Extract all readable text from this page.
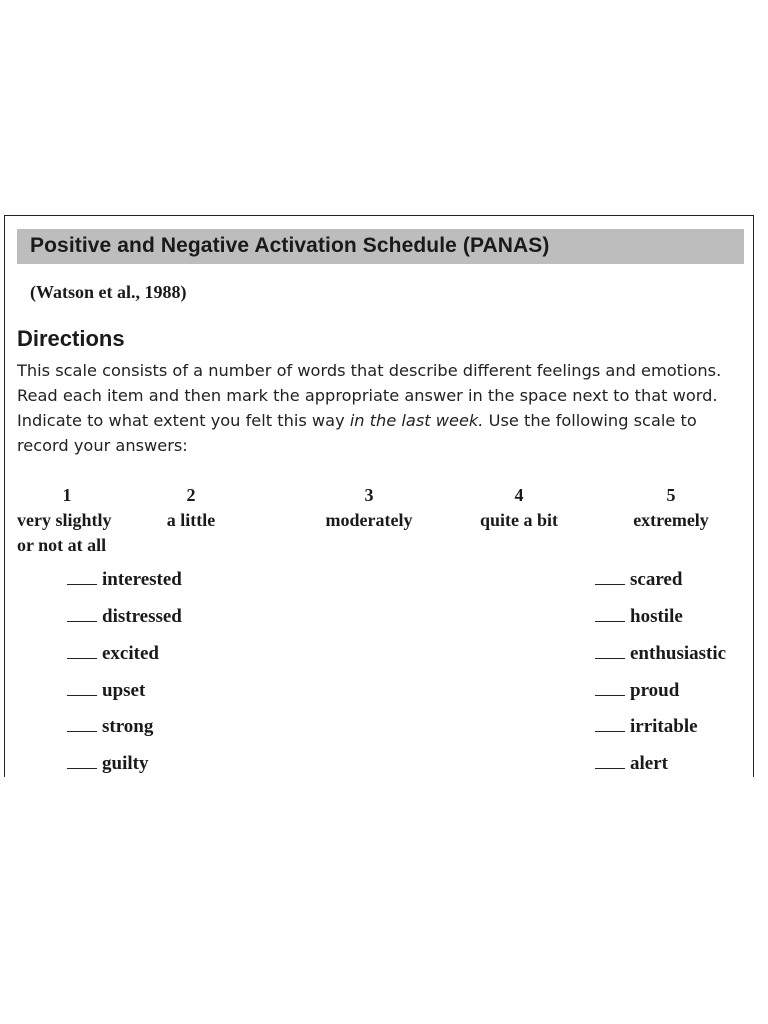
Positive and Negative Activation Schedule (PANAS)
(Watson et al., 1988)
Directions
This scale consists of a number of words that describe different feelings and emotions. Read each item and then mark the appropriate answer in the space next to that word. Indicate to what extent you felt this way in the last week. Use the following scale to record your answers:
1
very slightly
or not at all
2
a little
3
moderately
4
quite a bit
5
extremely
interested
distressed
excited
upset
strong
guilty
scared
hostile
enthusiastic
proud
irritable
alert
